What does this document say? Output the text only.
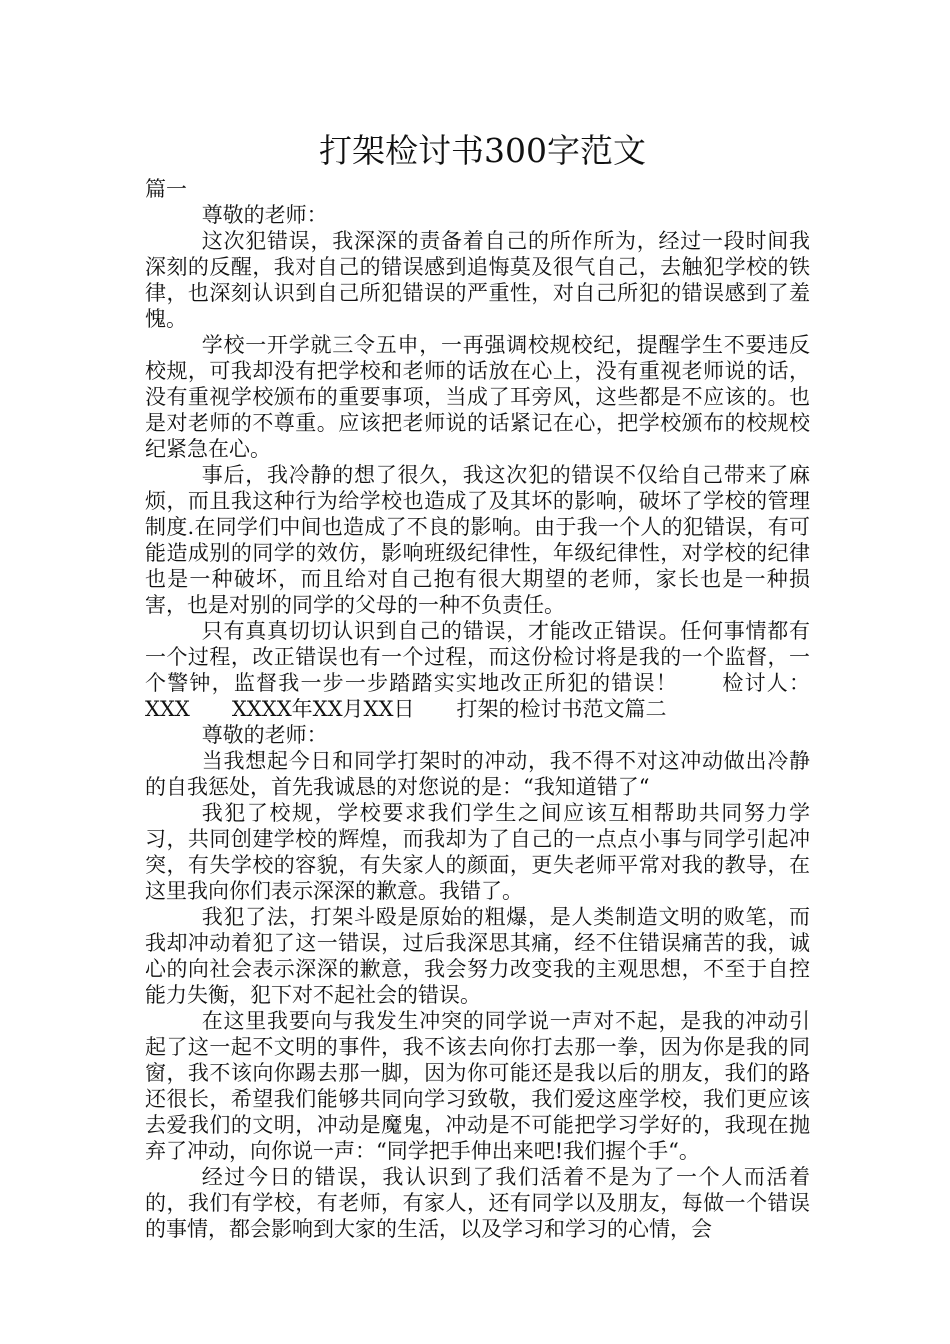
打架检讨书300字范文

篇一

尊敬的老师：

这次犯错误，我深深的责备着自己的所作所为，经过一段时间我深刻的反醒，我对自己的错误感到追悔莫及很气自己，去触犯学校的铁律，也深刻认识到自己所犯错误的严重性，对自己所犯的错误感到了羞愧。

学校一开学就三令五申，一再强调校规校纪，提醒学生不要违反校规，可我却没有把学校和老师的话放在心上，没有重视老师说的话，没有重视学校颁布的重要事项，当成了耳旁风，这些都是不应该的。也是对老师的不尊重。应该把老师说的话紧记在心，把学校颁布的校规校纪紧急在心。

事后，我冷静的想了很久，我这次犯的错误不仅给自己带来了麻烦，而且我这种行为给学校也造成了及其坏的影响，破坏了学校的管理制度.在同学们中间也造成了不良的影响。由于我一个人的犯错误，有可能造成别的同学的效仿，影响班级纪律性，年级纪律性，对学校的纪律也是一种破坏，而且给对自己抱有很大期望的老师，家长也是一种损害，也是对别的同学的父母的一种不负责任。

只有真真切切认识到自己的错误，才能改正错误。任何事情都有一个过程，改正错误也有一个过程，而这份检讨将是我的一个监督，一个警钟，监督我一步一步踏踏实实地改正所犯的错误！　　检讨人：XXX　　XXXX年XX月XX日　　打架的检讨书范文篇二

尊敬的老师：

当我想起今日和同学打架时的冲动，我不得不对这冲动做出冷静的自我惩处，首先我诚恳的对您说的是：“我知道错了“

我犯了校规，学校要求我们学生之间应该互相帮助共同努力学习，共同创建学校的辉煌，而我却为了自己的一点点小事与同学引起冲突，有失学校的容貌，有失家人的颜面，更失老师平常对我的教导，在这里我向你们表示深深的歉意。我错了。

我犯了法，打架斗殴是原始的粗爆，是人类制造文明的败笔，而我却冲动着犯了这一错误，过后我深思其痛，经不住错误痛苦的我，诚心的向社会表示深深的歉意，我会努力改变我的主观思想，不至于自控能力失衡，犯下对不起社会的错误。

在这里我要向与我发生冲突的同学说一声对不起，是我的冲动引起了这一起不文明的事件，我不该去向你打去那一拳，因为你是我的同窗，我不该向你踢去那一脚，因为你可能还是我以后的朋友，我们的路还很长，希望我们能够共同向学习致敬，我们爱这座学校，我们更应该去爱我们的文明，冲动是魔鬼，冲动是不可能把学习学好的，我现在抛弃了冲动，向你说一声：“同学把手伸出来吧!我们握个手“。

经过今日的错误，我认识到了我们活着不是为了一个人而活着的，我们有学校，有老师，有家人，还有同学以及朋友，每做一个错误的事情，都会影响到大家的生活，以及学习和学习的心情，会
